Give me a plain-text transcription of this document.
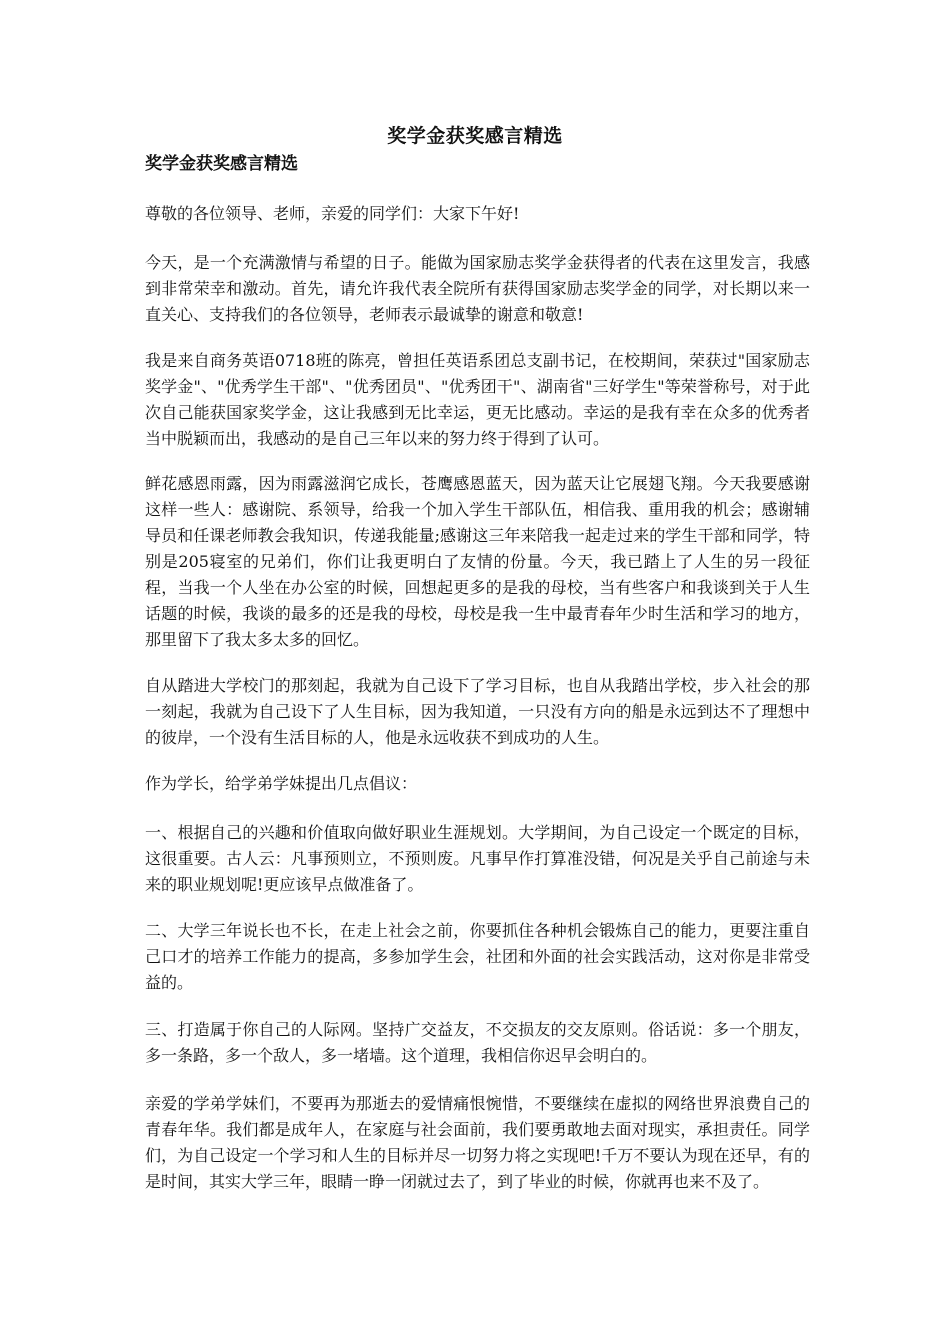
奖学金获奖感言精选
奖学金获奖感言精选

尊敬的各位领导、老师，亲爱的同学们：大家下午好!

今天，是一个充满激情与希望的日子。能做为国家励志奖学金获得者的代表在这里发言，我感到非常荣幸和激动。首先，请允许我代表全院所有获得国家励志奖学金的同学，对长期以来一直关心、支持我们的各位领导，老师表示最诚挚的谢意和敬意!

我是来自商务英语0718班的陈亮，曾担任英语系团总支副书记，在校期间，荣获过"国家励志奖学金"、"优秀学生干部"、"优秀团员"、"优秀团干"、湖南省"三好学生"等荣誉称号，对于此次自己能获国家奖学金，这让我感到无比幸运，更无比感动。幸运的是我有幸在众多的优秀者当中脱颖而出，我感动的是自己三年以来的努力终于得到了认可。

鲜花感恩雨露，因为雨露滋润它成长，苍鹰感恩蓝天，因为蓝天让它展翅飞翔。今天我要感谢这样一些人：感谢院、系领导，给我一个加入学生干部队伍，相信我、重用我的机会；感谢辅导员和任课老师教会我知识，传递我能量;感谢这三年来陪我一起走过来的学生干部和同学，特别是205寝室的兄弟们，你们让我更明白了友情的份量。今天，我已踏上了人生的另一段征程，当我一个人坐在办公室的时候，回想起更多的是我的母校，当有些客户和我谈到关于人生话题的时候，我谈的最多的还是我的母校，母校是我一生中最青春年少时生活和学习的地方，那里留下了我太多太多的回忆。

自从踏进大学校门的那刻起，我就为自己设下了学习目标，也自从我踏出学校，步入社会的那一刻起，我就为自己设下了人生目标，因为我知道，一只没有方向的船是永远到达不了理想中的彼岸，一个没有生活目标的人，他是永远收获不到成功的人生。

作为学长，给学弟学妹提出几点倡议：

一、根据自己的兴趣和价值取向做好职业生涯规划。大学期间，为自己设定一个既定的目标，这很重要。古人云：凡事预则立，不预则废。凡事早作打算准没错，何况是关乎自己前途与未来的职业规划呢!更应该早点做准备了。

二、大学三年说长也不长，在走上社会之前，你要抓住各种机会锻炼自己的能力，更要注重自己口才的培养工作能力的提高，多参加学生会，社团和外面的社会实践活动，这对你是非常受益的。

三、打造属于你自己的人际网。坚持广交益友，不交损友的交友原则。俗话说：多一个朋友，多一条路，多一个敌人，多一堵墙。这个道理，我相信你迟早会明白的。

亲爱的学弟学妹们，不要再为那逝去的爱情痛恨惋惜，不要继续在虚拟的网络世界浪费自己的青春年华。我们都是成年人，在家庭与社会面前，我们要勇敢地去面对现实，承担责任。同学们，为自己设定一个学习和人生的目标并尽一切努力将之实现吧!千万不要认为现在还早，有的是时间，其实大学三年，眼睛一睁一闭就过去了，到了毕业的时候，你就再也来不及了。
